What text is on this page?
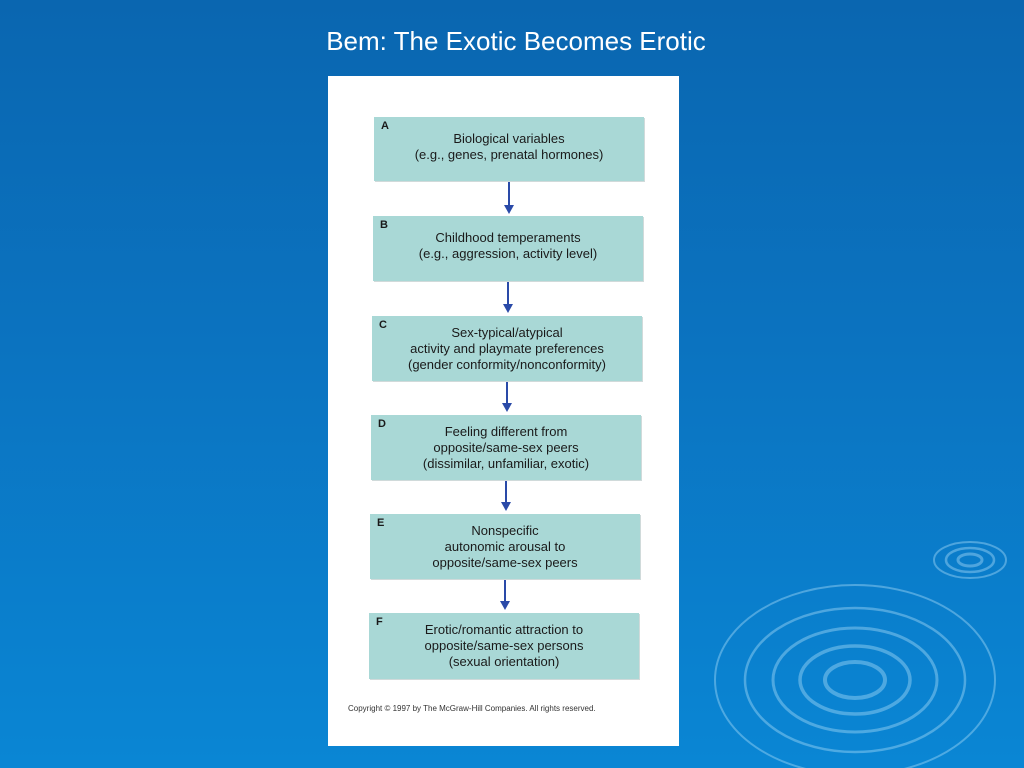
Bem: The Exotic Becomes Erotic
A
Biological variables
(e.g., genes, prenatal hormones)
B
Childhood temperaments
(e.g., aggression, activity level)
C	Sex-typical/atypical
activity and playmate preferences
(gender conformity/nonconformity)
D	Feeling different from
opposite/same-sex peers
(dissimilar, unfamiliar, exotic)
E	Nonspecific
autonomic arousal to
opposite/same-sex peers
F	Erotic/romantic attraction to
opposite/same-sex persons
(sexual orientation)
Copyright © 1997 by The McGraw-Hill Companies. All rights reserved.
